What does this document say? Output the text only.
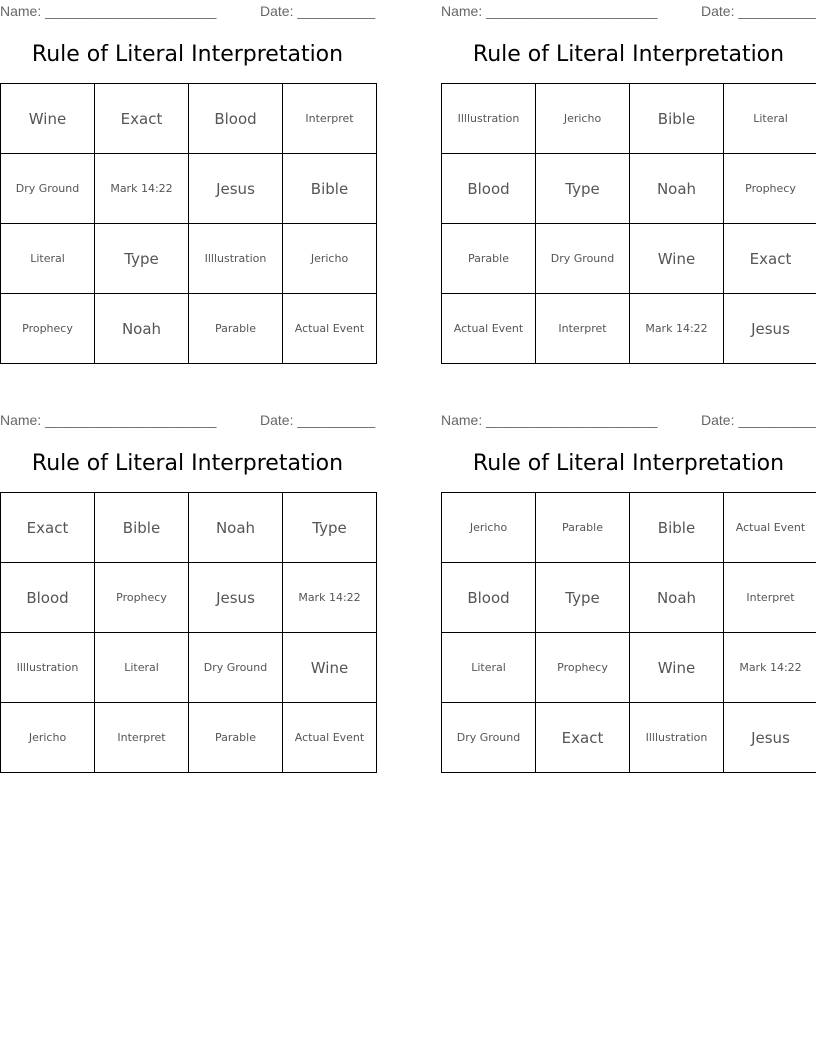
Name: ______________________	Date: __________
Rule of Literal Interpretation
Wine	Exact	Blood	Interpret
Dry Ground	Mark 14:22	Jesus	Bible
Literal	Type	Illlustration	Jericho
Prophecy	Noah	Parable	Actual Event
Name: ______________________	Date: __________
Rule of Literal Interpretation
Illlustration	Jericho	Bible	Literal
Blood	Type	Noah	Prophecy
Parable	Dry Ground	Wine	Exact
Actual Event	Interpret	Mark 14:22	Jesus
Name: ______________________	Date: __________
Rule of Literal Interpretation
Exact	Bible	Noah	Type
Blood	Prophecy	Jesus	Mark 14:22
Illlustration	Literal	Dry Ground	Wine
Jericho	Interpret	Parable	Actual Event
Name: ______________________	Date: __________
Rule of Literal Interpretation
Jericho	Parable	Bible	Actual Event
Blood	Type	Noah	Interpret
Literal	Prophecy	Wine	Mark 14:22
Dry Ground	Exact	Illlustration	Jesus
